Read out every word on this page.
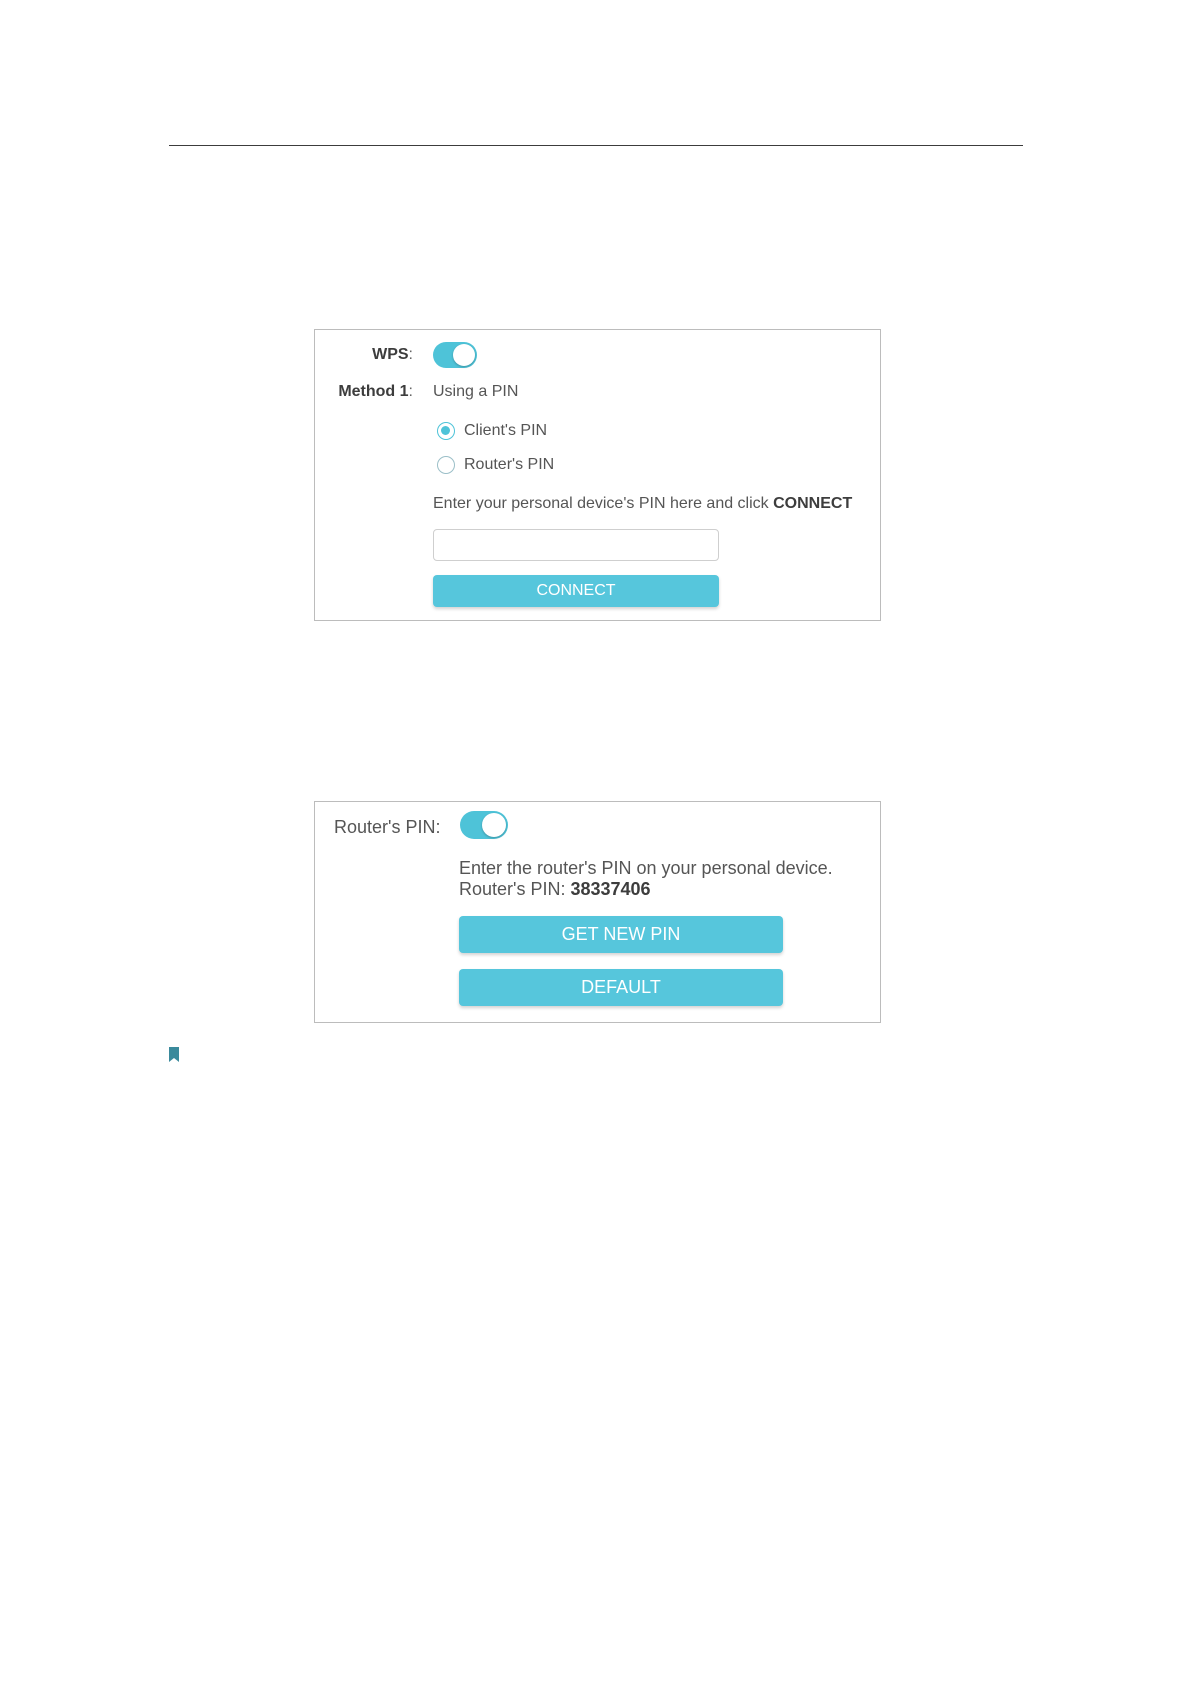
WPS:
Method 1: Using a PIN
Client's PIN
Router's PIN
Enter your personal device's PIN here and click CONNECT
CONNECT
Router's PIN:
Enter the router's PIN on your personal device.
Router's PIN: 38337406
GET NEW PIN
DEFAULT
